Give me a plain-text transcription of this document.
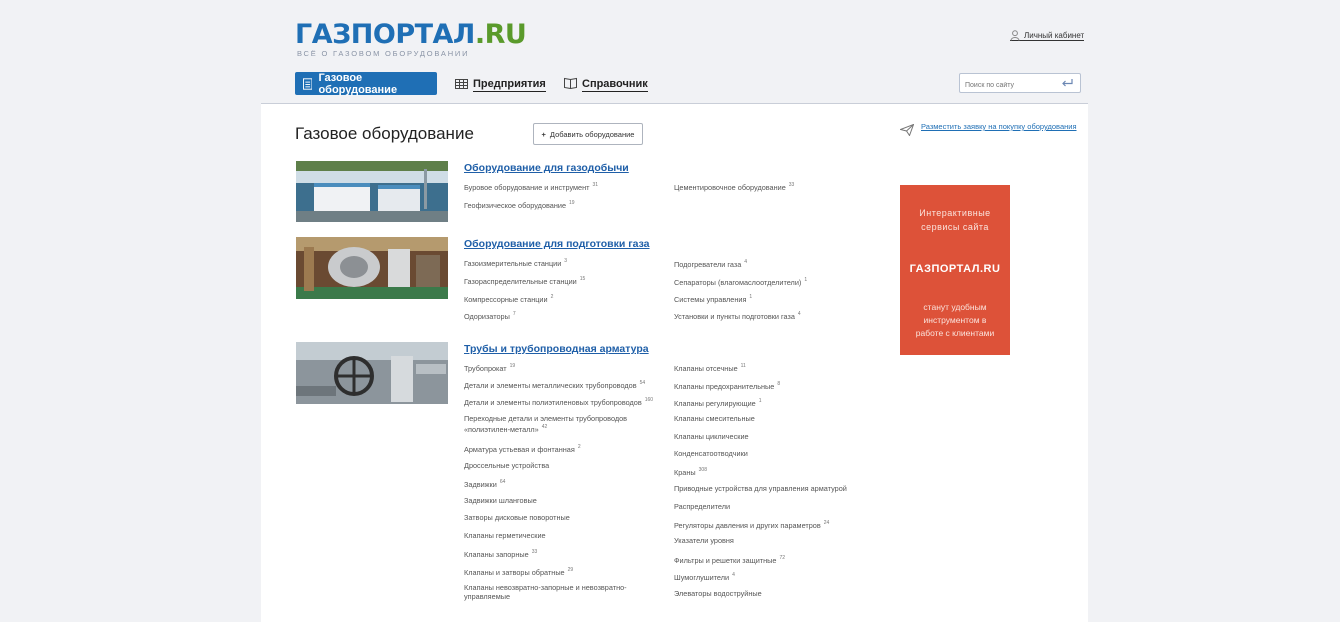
ГАЗПОРТАЛ.RU
ВСЁ О ГАЗОВОМ ОБОРУДОВАНИИ
Личный кабинет
Газовое оборудование	Предприятия	Справочник
Поиск по сайту
Газовое оборудование	+ Добавить оборудование
Разместить заявку на покупку оборудования
Оборудование для газодобычи
Буровое оборудование и инструмент $^{31}$
Геофизическое оборудование $^{19}$
Цементировочное оборудование $^{33}$
Оборудование для подготовки газа
Газоизмерительные станции $^3$
Газораспределительные станции $^{15}$
Компрессорные станции $^2$
Одоризаторы $^7$
Подогреватели газа $^4$
Сепараторы (влагомаслоотделители) $^1$
Системы управления $^1$
Установки и пункты подготовки газа $^4$
Трубы и трубопроводная арматура
Трубопрокат $^{19}$
Детали и элементы металлических трубопроводов $^{54}$
Детали и элементы полиэтиленовых трубопроводов $^{160}$
Переходные детали и элементы трубопроводов
«полиэтилен-металл» $^{42}$
Арматура устьевая и фонтанная $^2$
Дроссельные устройства
Задвижки $^{64}$
Задвижки шланговые
Затворы дисковые поворотные
Клапаны герметические
Клапаны запорные $^{33}$
Клапаны и затворы обратные $^{29}$
Клапаны невозвратно-запорные и невозвратно-
управляемые
Клапаны отсечные $^{11}$
Клапаны предохранительные $^8$
Клапаны регулирующие $^1$
Клапаны смесительные
Клапаны циклические
Конденсатоотводчики
Краны $^{308}$
Приводные устройства для управления арматурой
Распределители
Регуляторы давления и других параметров $^{24}$
Указатели уровня
Фильтры и решетки защитные $^{72}$
Шумоглушители $^4$
Элеваторы водоструйные
Интерактивные
сервисы сайта
ГАЗПОРТАЛ.RU
станут удобным
инструментом в
работе с клиентами
